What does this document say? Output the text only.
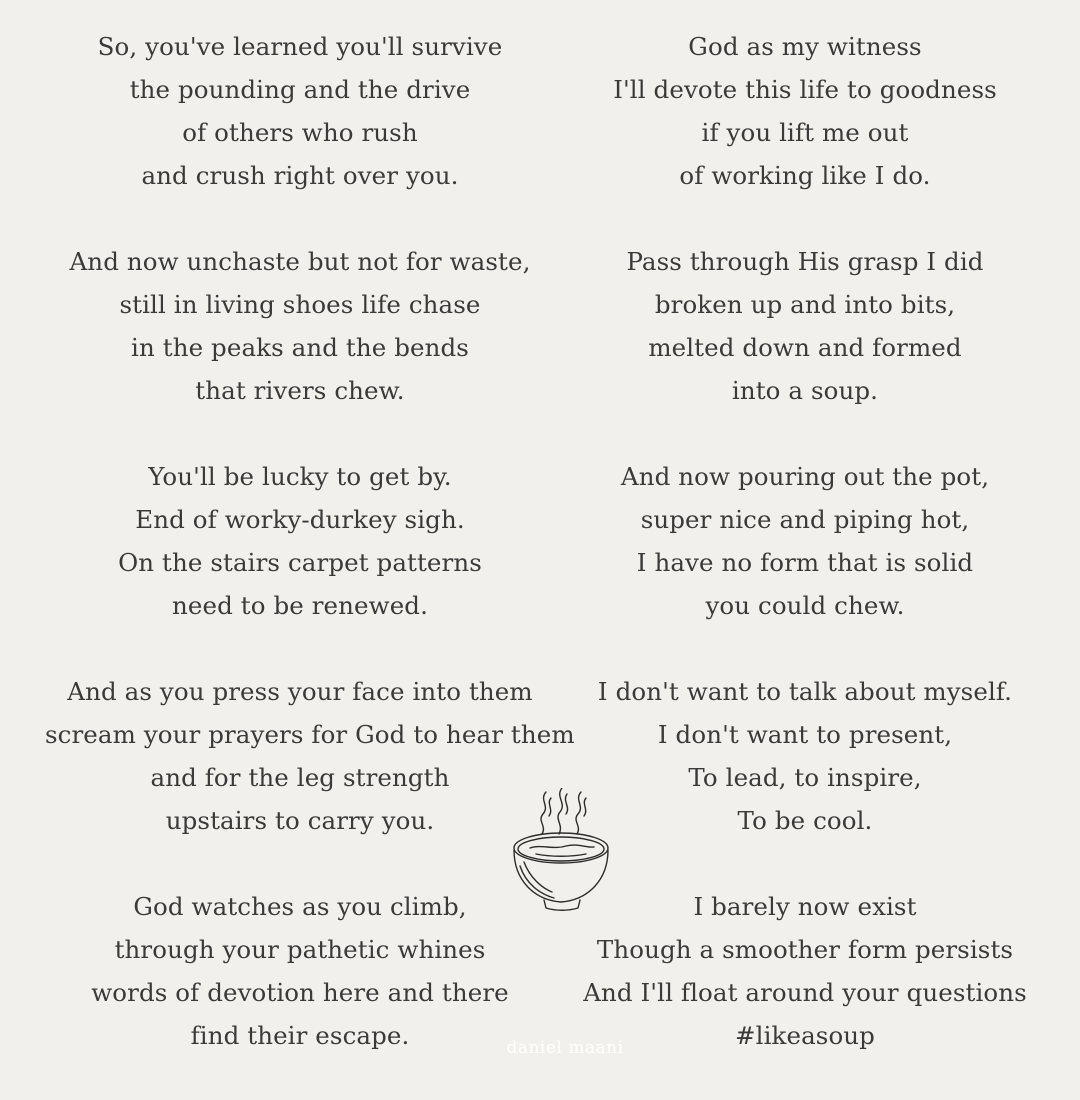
So, you've learned you'll survive
the pounding and the drive
of others who rush
and crush right over you.
And now unchaste but not for waste,
still in living shoes life chase
in the peaks and the bends
that rivers chew.
You'll be lucky to get by.
End of worky-durkey sigh.
On the stairs carpet patterns
need to be renewed.
And as you press your face into them
scream your prayers for God to hear them
and for the leg strength
upstairs to carry you.
God watches as you climb,
through your pathetic whines
words of devotion here and there
find their escape.
God as my witness
I'll devote this life to goodness
if you lift me out
of working like I do.
Pass through His grasp I did
broken up and into bits,
melted down and formed
into a soup.
And now pouring out the pot,
super nice and piping hot,
I have no form that is solid
you could chew.
I don't want to talk about myself.
I don't want to present,
To lead, to inspire,
To be cool.
I barely now exist
Though a smoother form persists
And I'll float around your questions
#likeasoup
daniel maani
